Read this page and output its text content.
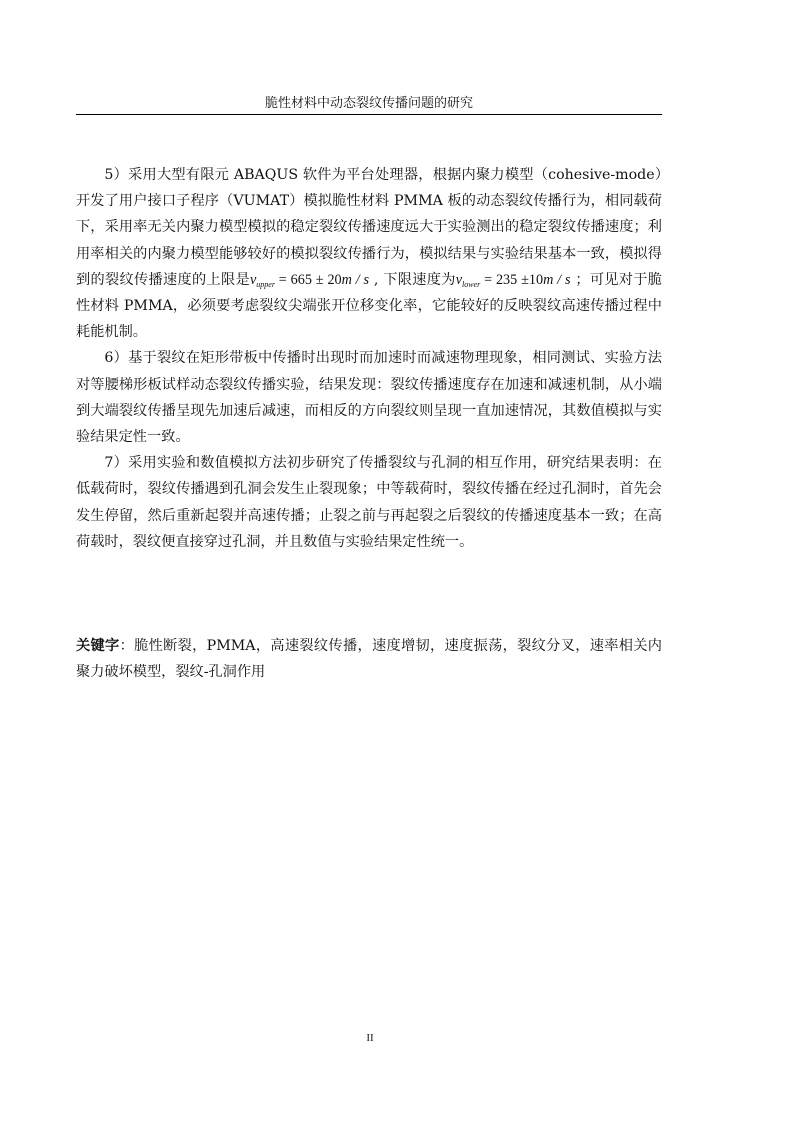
脆性材料中动态裂纹传播问题的研究

5）采用大型有限元 ABAQUS 软件为平台处理器，根据内聚力模型（cohesive-mode）开发了用户接口子程序（VUMAT）模拟脆性材料 PMMA 板的动态裂纹传播行为，相同载荷下，采用率无关内聚力模型模拟的稳定裂纹传播速度远大于实验测出的稳定裂纹传播速度；利用率相关的内聚力模型能够较好的模拟裂纹传播行为，模拟结果与实验结果基本一致，模拟得到的裂纹传播速度的上限是$v_{upper} = 665 \pm 20m / s$ , 下限速度为$v_{lower} = 235 \pm 10m / s$ ；可见对于脆性材料 PMMA，必须要考虑裂纹尖端张开位移变化率，它能较好的反映裂纹高速传播过程中耗能机制。

6）基于裂纹在矩形带板中传播时出现时而加速时而减速物理现象，相同测试、实验方法对等腰梯形板试样动态裂纹传播实验，结果发现：裂纹传播速度存在加速和减速机制，从小端到大端裂纹传播呈现先加速后减速，而相反的方向裂纹则呈现一直加速情况，其数值模拟与实验结果定性一致。

7）采用实验和数值模拟方法初步研究了传播裂纹与孔洞的相互作用，研究结果表明：在低载荷时，裂纹传播遇到孔洞会发生止裂现象；中等载荷时，裂纹传播在经过孔洞时，首先会发生停留，然后重新起裂并高速传播；止裂之前与再起裂之后裂纹的传播速度基本一致；在高荷载时，裂纹便直接穿过孔洞，并且数值与实验结果定性统一。

关键字：脆性断裂，PMMA，高速裂纹传播，速度增韧，速度振荡，裂纹分叉，速率相关内聚力破坏模型，裂纹-孔洞作用
II
